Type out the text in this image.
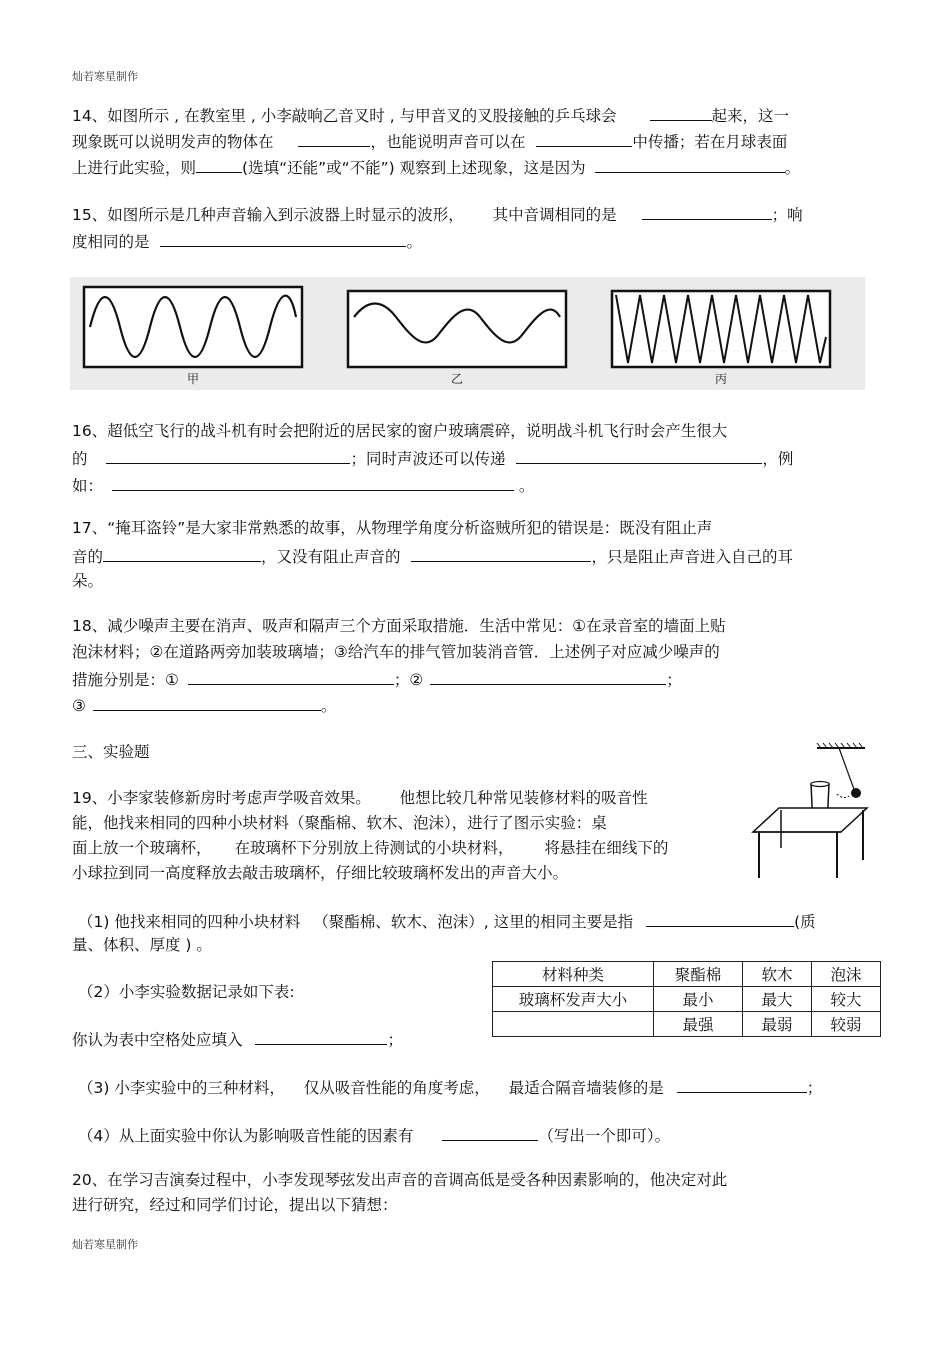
灿若寒星制作
14、如图所示 , 在教室里 , 小李敲响乙音叉时 , 与甲音叉的叉股接触的乒乓球会	起来，这一
现象既可以说明发声的物体在	，也能说明声音可以在	中传播；若在月球表面
上进行此实验，则	(选填“还能”或“不能”) 观察到上述现象，这是因为	。
15、如图所示是几种声音输入到示波器上时显示的波形， 其中音调相同的是	；响
度相同的是	。
甲	乙	丙
16、超低空飞行的战斗机有时会把附近的居民家的窗户玻璃震碎，说明战斗机飞行时会产生很大
的	；同时声波还可以传递	，例
如：	。
17、“掩耳盗铃”是大家非常熟悉的故事，从物理学角度分析盗贼所犯的错误是：既没有阻止声
音的	，又没有阻止声音的	，只是阻止声音进入自己的耳
朵。
18、减少噪声主要在消声、吸声和隔声三个方面采取措施．生活中常见：①在录音室的墙面上贴
泡沫材料；②在道路两旁加装玻璃墙；③给汽车的排气管加装消音管．上述例子对应减少噪声的
措施分别是：①	；②	；
③	。
三、实验题
19、小李家装修新房时考虑声学吸音效果。 他想比较几种常见装修材料的吸音性
能，他找来相同的四种小块材料（聚酯棉、软木、泡沫），进行了图示实验：桌
面上放一个玻璃杯， 在玻璃杯下分别放上待测试的小块材料， 将悬挂在细线下的
小球拉到同一高度释放去敲击玻璃杯，仔细比较玻璃杯发出的声音大小。
（1) 他找来相同的四种小块材料 （聚酯棉、软木、泡沫）, 这里的相同主要是指	(质
量、体积、厚度 ) 。
（2）小李实验数据记录如下表:
你认为表中空格处应填入	；
材料种类	聚酯棉	软木	泡沫
玻璃杯发声大小	最小	最大	较大
	最强	最弱	较弱
（3) 小李实验中的三种材料， 仅从吸音性能的角度考虑， 最适合隔音墙装修的是	；
（4）从上面实验中你认为影响吸音性能的因素有	（写出一个即可）。
20、在学习吉演奏过程中，小李发现琴弦发出声音的音调高低是受各种因素影响的，他决定对此
进行研究，经过和同学们讨论，提出以下猜想：
灿若寒星制作
